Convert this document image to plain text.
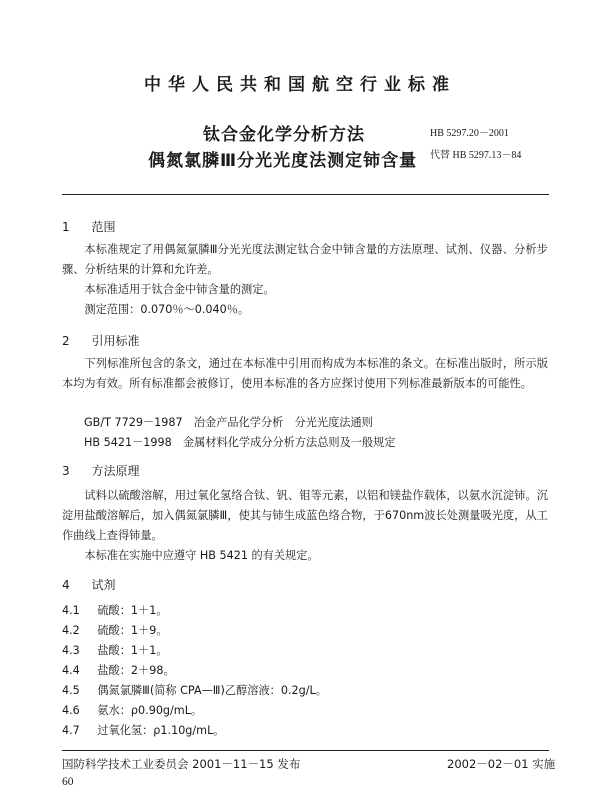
中华人民共和国航空行业标准
钛合金化学分析方法
偶氮氯膦Ⅲ分光光度法测定铈含量
HB 5297.20－2001
代替 HB 5297.13－84
1 范围
本标准规定了用偶氮氯膦Ⅲ分光光度法测定钛合金中铈含量的方法原理、试剂、仪器、分析步骤、分析结果的计算和允许差。
本标准适用于钛合金中铈含量的测定。
测定范围：0.070％～0.040％。
2 引用标准
下列标准所包含的条文，通过在本标准中引用而构成为本标准的条文。在标准出版时，所示版本均为有效。所有标准都会被修订，使用本标准的各方应探讨使用下列标准最新版本的可能性。
GB/T 7729－1987　冶金产品化学分析　分光光度法通则
HB 5421－1998　金属材料化学成分分析方法总则及一般规定
3 方法原理
试料以硫酸溶解，用过氧化氢络合钛、钒、钼等元素，以铝和镁盐作载体，以氨水沉淀铈。沉淀用盐酸溶解后，加入偶氮氯膦Ⅲ，使其与铈生成蓝色络合物，于670nm波长处测量吸光度，从工作曲线上查得铈量。
本标准在实施中应遵守 HB 5421 的有关规定。
4 试剂
4.1 硫酸：1＋1。
4.2 硫酸：1＋9。
4.3 盐酸：1＋1。
4.4 盐酸：2＋98。
4.5 偶氮氯膦Ⅲ(简称 CPA—Ⅲ)乙醇溶液：0.2g/L。
4.6 氨水：ρ0.90g/mL。
4.7 过氧化氢：ρ1.10g/mL。
国防科学技术工业委员会 2001－11－15 发布	2002－02－01 实施
60
